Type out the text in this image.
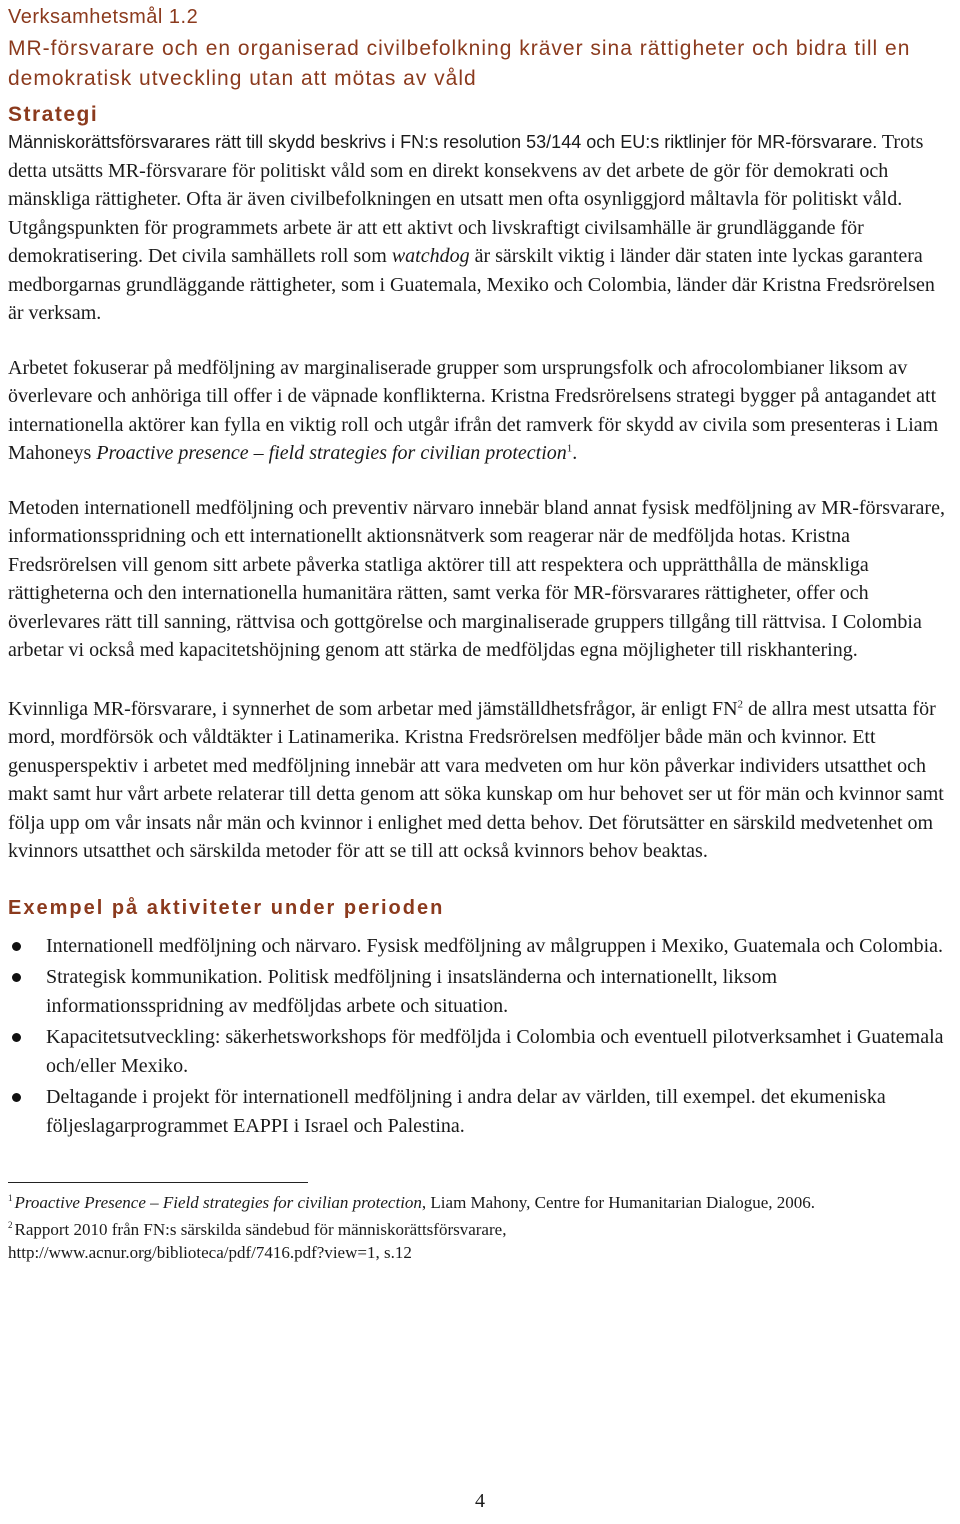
Verksamhetsmål 1.2
MR-försvarare och en organiserad civilbefolkning kräver sina rättigheter och bidra till en demokratisk utveckling utan att mötas av våld
Strategi

Människorättsförsvarares rätt till skydd beskrivs i FN:s resolution 53/144 och EU:s riktlinjer för MR-försvarare. Trots detta utsätts MR-försvarare för politiskt våld som en direkt konsekvens av det arbete de gör för demokrati och mänskliga rättigheter. Ofta är även civilbefolkningen en utsatt men ofta osynliggjord måltavla för politiskt våld. Utgångspunkten för programmets arbete är att ett aktivt och livskraftigt civilsamhälle är grundläggande för demokratisering. Det civila samhällets roll som watchdog är särskilt viktig i länder där staten inte lyckas garantera medborgarnas grundläggande rättigheter, som i Guatemala, Mexiko och Colombia, länder där Kristna Fredsrörelsen är verksam.

Arbetet fokuserar på medföljning av marginaliserade grupper som ursprungsfolk och afrocolombianer liksom av överlevare och anhöriga till offer i de väpnade konflikterna. Kristna Fredsrörelsens strategi bygger på antagandet att internationella aktörer kan fylla en viktig roll och utgår ifrån det ramverk för skydd av civila som presenteras i Liam Mahoneys Proactive presence – field strategies for civilian protection$^1$.

Metoden internationell medföljning och preventiv närvaro innebär bland annat fysisk medföljning av MR-försvarare, informationsspridning och ett internationellt aktionsnätverk som reagerar när de medföljda hotas. Kristna Fredsrörelsen vill genom sitt arbete påverka statliga aktörer till att respektera och upprätthålla de mänskliga rättigheterna och den internationella humanitära rätten, samt verka för MR-försvarares rättigheter, offer och överlevares rätt till sanning, rättvisa och gottgörelse och marginaliserade gruppers tillgång till rättvisa. I Colombia arbetar vi också med kapacitetshöjning genom att stärka de medföljdas egna möjligheter till riskhantering.

Kvinnliga MR-försvarare, i synnerhet de som arbetar med jämställdhetsfrågor, är enligt FN$^2$ de allra mest utsatta för mord, mordförsök och våldtäkter i Latinamerika. Kristna Fredsrörelsen medföljer både män och kvinnor. Ett genusperspektiv i arbetet med medföljning innebär att vara medveten om hur kön påverkar individers utsatthet och makt samt hur vårt arbete relaterar till detta genom att söka kunskap om hur behovet ser ut för män och kvinnor samt följa upp om vår insats når män och kvinnor i enlighet med detta behov. Det förutsätter en särskild medvetenhet om kvinnors utsatthet och särskilda metoder för att se till att också kvinnors behov beaktas.

Exempel på aktiviteter under perioden
Internationell medföljning och närvaro. Fysisk medföljning av målgruppen i Mexiko, Guatemala och Colombia.
Strategisk kommunikation. Politisk medföljning i insatsländerna och internationellt, liksom informationsspridning av medföljdas arbete och situation.
Kapacitetsutveckling: säkerhetsworkshops för medföljda i Colombia och eventuell pilotverksamhet i Guatemala och/eller Mexiko.
Deltagande i projekt för internationell medföljning i andra delar av världen, till exempel. det ekumeniska följeslagarprogrammet EAPPI i Israel och Palestina.

$^1$ Proactive Presence – Field strategies for civilian protection, Liam Mahony, Centre for Humanitarian Dialogue, 2006.

$^2$ Rapport 2010 från FN:s särskilda sändebud för människorättsförsvarare,
http://www.acnur.org/biblioteca/pdf/7416.pdf?view=1, s.12

4
